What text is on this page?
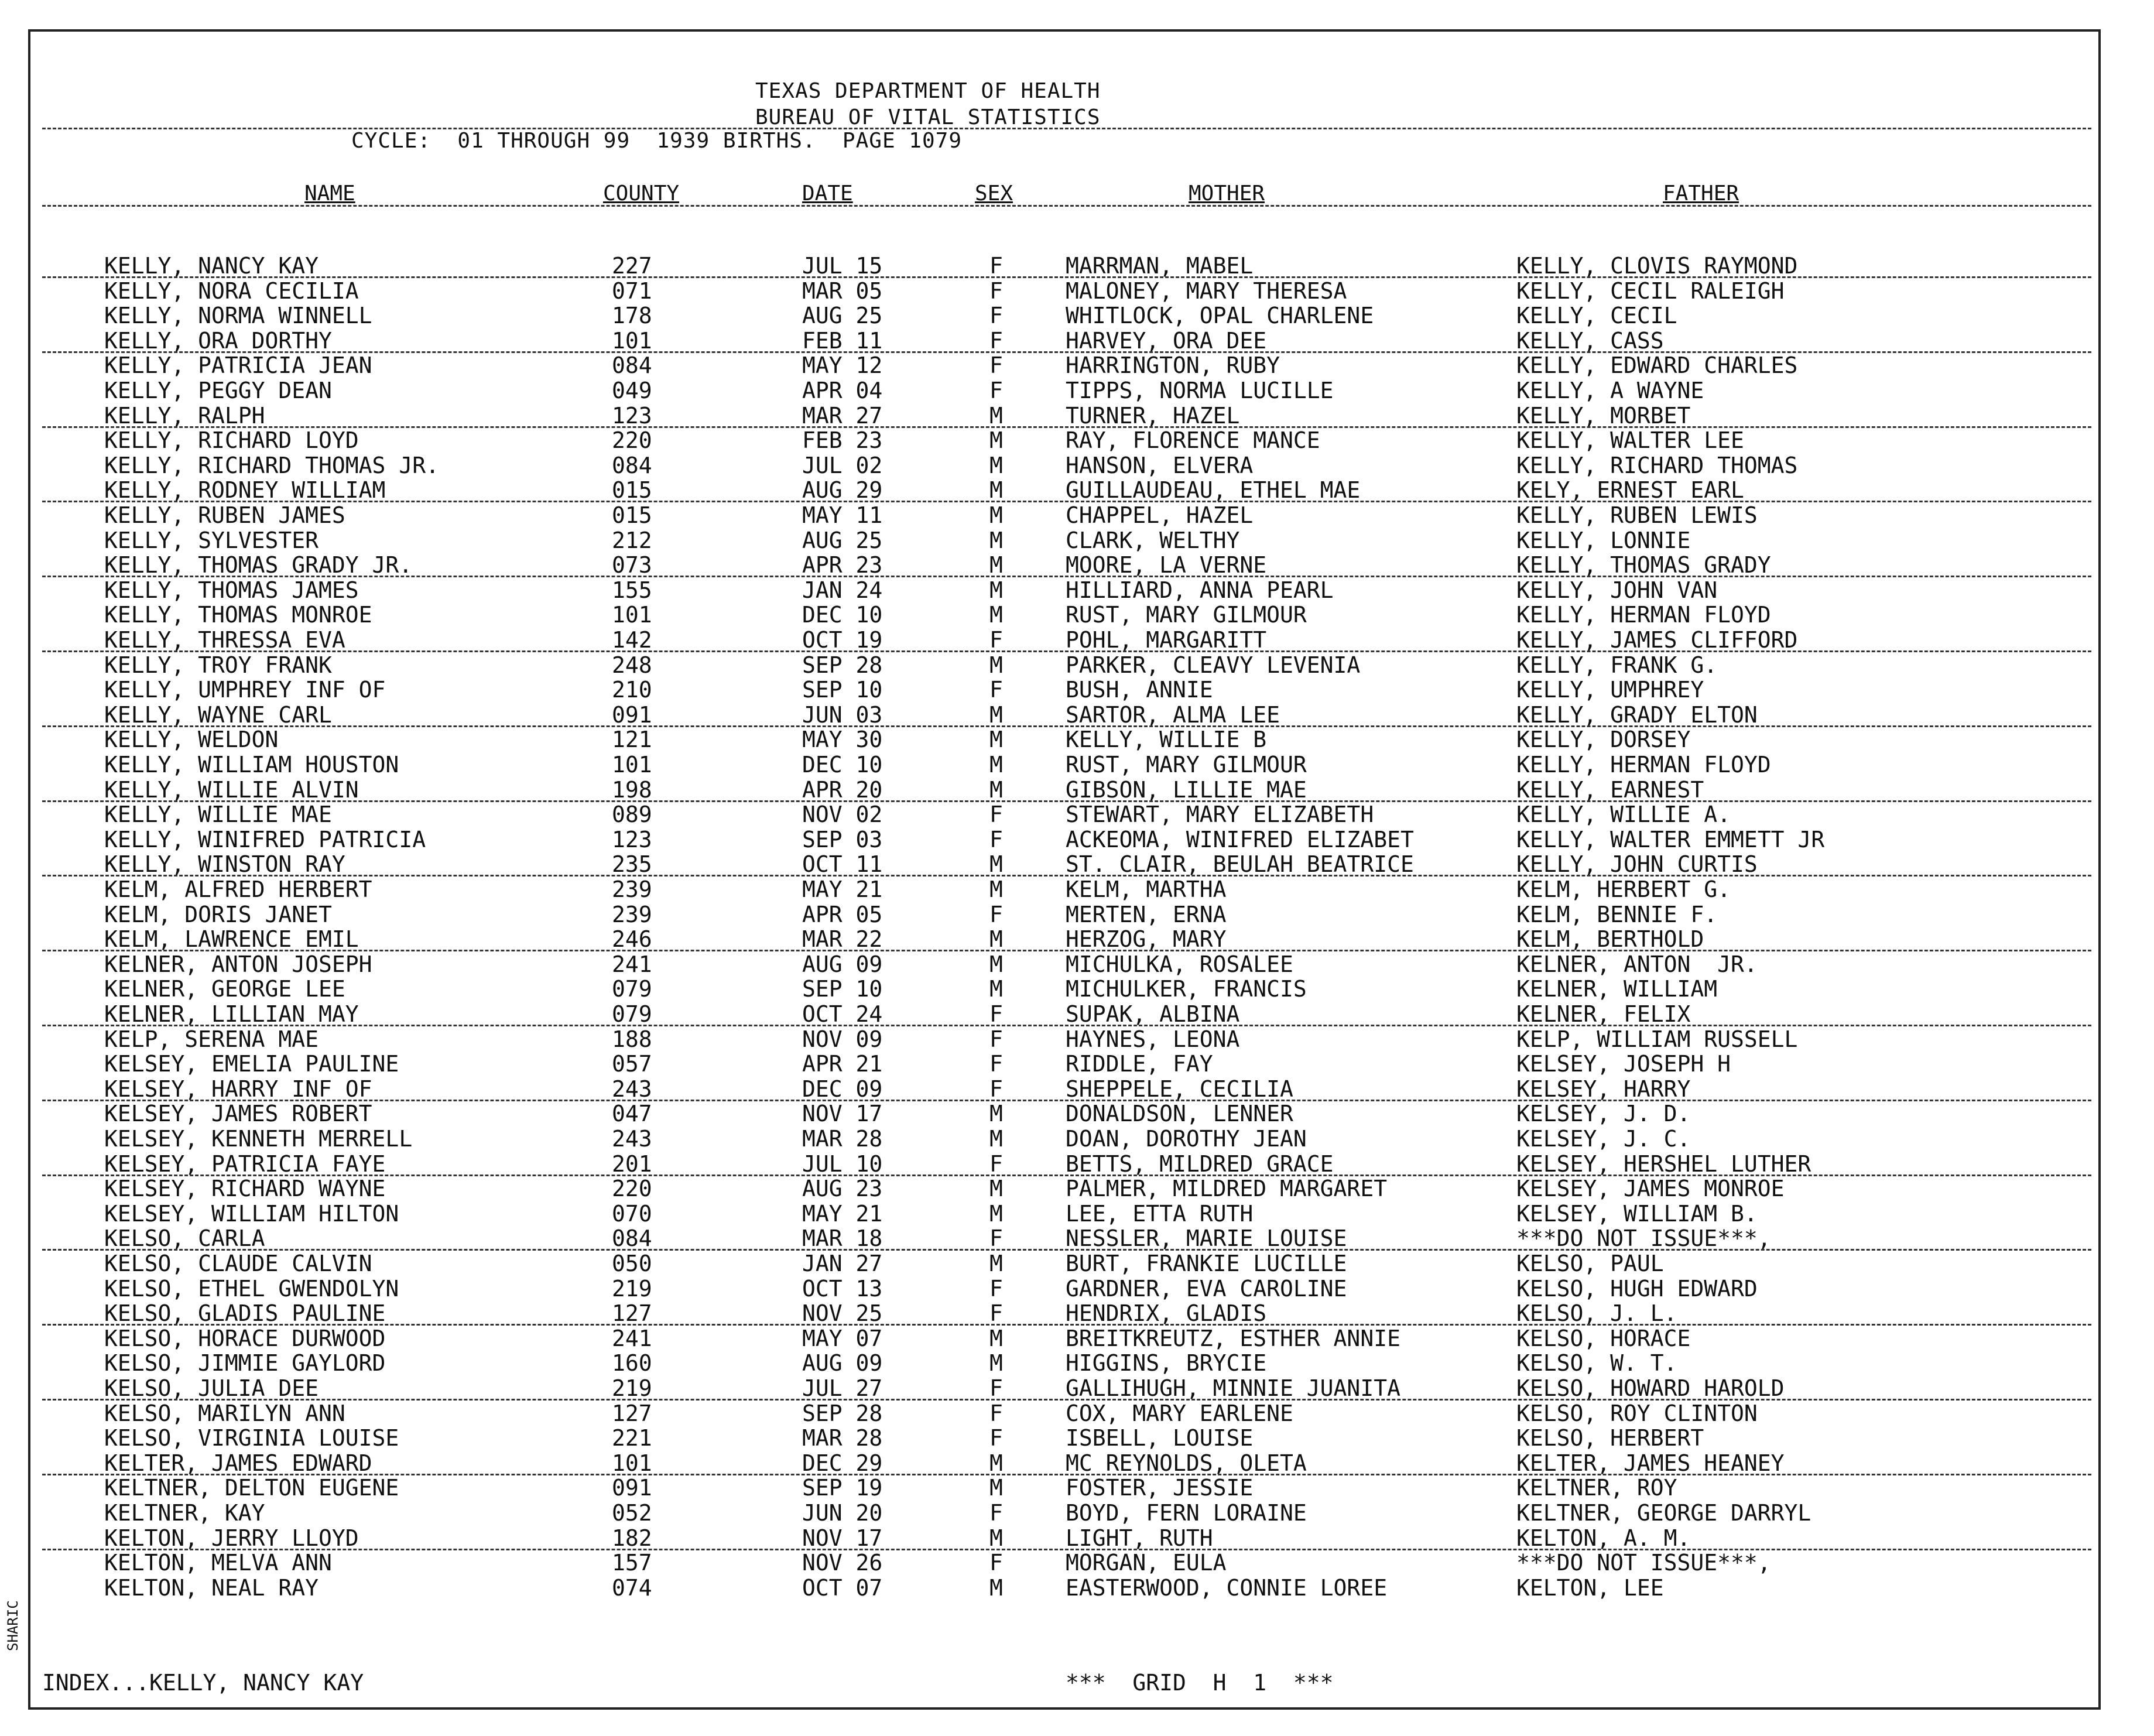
TEXAS DEPARTMENT OF HEALTH
BUREAU OF VITAL STATISTICS
CYCLE:  01 THROUGH 99  1939 BIRTHS.  PAGE 1079
NAME	COUNTY	DATE	SEX	MOTHER	FATHER
KELLY, NANCY KAY	227	JUL 15	F	MARRMAN, MABEL	KELLY, CLOVIS RAYMOND
KELLY, NORA CECILIA	071	MAR 05	F	MALONEY, MARY THERESA	KELLY, CECIL RALEIGH
KELLY, NORMA WINNELL	178	AUG 25	F	WHITLOCK, OPAL CHARLENE	KELLY, CECIL
KELLY, ORA DORTHY	101	FEB 11	F	HARVEY, ORA DEE	KELLY, CASS
KELLY, PATRICIA JEAN	084	MAY 12	F	HARRINGTON, RUBY	KELLY, EDWARD CHARLES
KELLY, PEGGY DEAN	049	APR 04	F	TIPPS, NORMA LUCILLE	KELLY, A WAYNE
KELLY, RALPH	123	MAR 27	M	TURNER, HAZEL	KELLY, MORBET
KELLY, RICHARD LOYD	220	FEB 23	M	RAY, FLORENCE MANCE	KELLY, WALTER LEE
KELLY, RICHARD THOMAS JR.	084	JUL 02	M	HANSON, ELVERA	KELLY, RICHARD THOMAS
KELLY, RODNEY WILLIAM	015	AUG 29	M	GUILLAUDEAU, ETHEL MAE	KELY, ERNEST EARL
KELLY, RUBEN JAMES	015	MAY 11	M	CHAPPEL, HAZEL	KELLY, RUBEN LEWIS
KELLY, SYLVESTER	212	AUG 25	M	CLARK, WELTHY	KELLY, LONNIE
KELLY, THOMAS GRADY JR.	073	APR 23	M	MOORE, LA VERNE	KELLY, THOMAS GRADY
KELLY, THOMAS JAMES	155	JAN 24	M	HILLIARD, ANNA PEARL	KELLY, JOHN VAN
KELLY, THOMAS MONROE	101	DEC 10	M	RUST, MARY GILMOUR	KELLY, HERMAN FLOYD
KELLY, THRESSA EVA	142	OCT 19	F	POHL, MARGARITT	KELLY, JAMES CLIFFORD
KELLY, TROY FRANK	248	SEP 28	M	PARKER, CLEAVY LEVENIA	KELLY, FRANK G.
KELLY, UMPHREY INF OF	210	SEP 10	F	BUSH, ANNIE	KELLY, UMPHREY
KELLY, WAYNE CARL	091	JUN 03	M	SARTOR, ALMA LEE	KELLY, GRADY ELTON
KELLY, WELDON	121	MAY 30	M	KELLY, WILLIE B	KELLY, DORSEY
KELLY, WILLIAM HOUSTON	101	DEC 10	M	RUST, MARY GILMOUR	KELLY, HERMAN FLOYD
KELLY, WILLIE ALVIN	198	APR 20	M	GIBSON, LILLIE MAE	KELLY, EARNEST
KELLY, WILLIE MAE	089	NOV 02	F	STEWART, MARY ELIZABETH	KELLY, WILLIE A.
KELLY, WINIFRED PATRICIA	123	SEP 03	F	ACKEOMA, WINIFRED ELIZABET	KELLY, WALTER EMMETT JR
KELLY, WINSTON RAY	235	OCT 11	M	ST. CLAIR, BEULAH BEATRICE	KELLY, JOHN CURTIS
KELM, ALFRED HERBERT	239	MAY 21	M	KELM, MARTHA	KELM, HERBERT G.
KELM, DORIS JANET	239	APR 05	F	MERTEN, ERNA	KELM, BENNIE F.
KELM, LAWRENCE EMIL	246	MAR 22	M	HERZOG, MARY	KELM, BERTHOLD
KELNER, ANTON JOSEPH	241	AUG 09	M	MICHULKA, ROSALEE	KELNER, ANTON  JR.
KELNER, GEORGE LEE	079	SEP 10	M	MICHULKER, FRANCIS	KELNER, WILLIAM
KELNER, LILLIAN MAY	079	OCT 24	F	SUPAK, ALBINA	KELNER, FELIX
KELP, SERENA MAE	188	NOV 09	F	HAYNES, LEONA	KELP, WILLIAM RUSSELL
KELSEY, EMELIA PAULINE	057	APR 21	F	RIDDLE, FAY	KELSEY, JOSEPH H
KELSEY, HARRY INF OF	243	DEC 09	F	SHEPPELE, CECILIA	KELSEY, HARRY
KELSEY, JAMES ROBERT	047	NOV 17	M	DONALDSON, LENNER	KELSEY, J. D.
KELSEY, KENNETH MERRELL	243	MAR 28	M	DOAN, DOROTHY JEAN	KELSEY, J. C.
KELSEY, PATRICIA FAYE	201	JUL 10	F	BETTS, MILDRED GRACE	KELSEY, HERSHEL LUTHER
KELSEY, RICHARD WAYNE	220	AUG 23	M	PALMER, MILDRED MARGARET	KELSEY, JAMES MONROE
KELSEY, WILLIAM HILTON	070	MAY 21	M	LEE, ETTA RUTH	KELSEY, WILLIAM B.
KELSO, CARLA	084	MAR 18	F	NESSLER, MARIE LOUISE	***DO NOT ISSUE***,
KELSO, CLAUDE CALVIN	050	JAN 27	M	BURT, FRANKIE LUCILLE	KELSO, PAUL
KELSO, ETHEL GWENDOLYN	219	OCT 13	F	GARDNER, EVA CAROLINE	KELSO, HUGH EDWARD
KELSO, GLADIS PAULINE	127	NOV 25	F	HENDRIX, GLADIS	KELSO, J. L.
KELSO, HORACE DURWOOD	241	MAY 07	M	BREITKREUTZ, ESTHER ANNIE	KELSO, HORACE
KELSO, JIMMIE GAYLORD	160	AUG 09	M	HIGGINS, BRYCIE	KELSO, W. T.
KELSO, JULIA DEE	219	JUL 27	F	GALLIHUGH, MINNIE JUANITA	KELSO, HOWARD HAROLD
KELSO, MARILYN ANN	127	SEP 28	F	COX, MARY EARLENE	KELSO, ROY CLINTON
KELSO, VIRGINIA LOUISE	221	MAR 28	F	ISBELL, LOUISE	KELSO, HERBERT
KELTER, JAMES EDWARD	101	DEC 29	M	MC REYNOLDS, OLETA	KELTER, JAMES HEANEY
KELTNER, DELTON EUGENE	091	SEP 19	M	FOSTER, JESSIE	KELTNER, ROY
KELTNER, KAY	052	JUN 20	F	BOYD, FERN LORAINE	KELTNER, GEORGE DARRYL
KELTON, JERRY LLOYD	182	NOV 17	M	LIGHT, RUTH	KELTON, A. M.
KELTON, MELVA ANN	157	NOV 26	F	MORGAN, EULA	***DO NOT ISSUE***,
KELTON, NEAL RAY	074	OCT 07	M	EASTERWOOD, CONNIE LOREE	KELTON, LEE
INDEX...KELLY, NANCY KAY	***  GRID  H  1  ***
SHARIC
